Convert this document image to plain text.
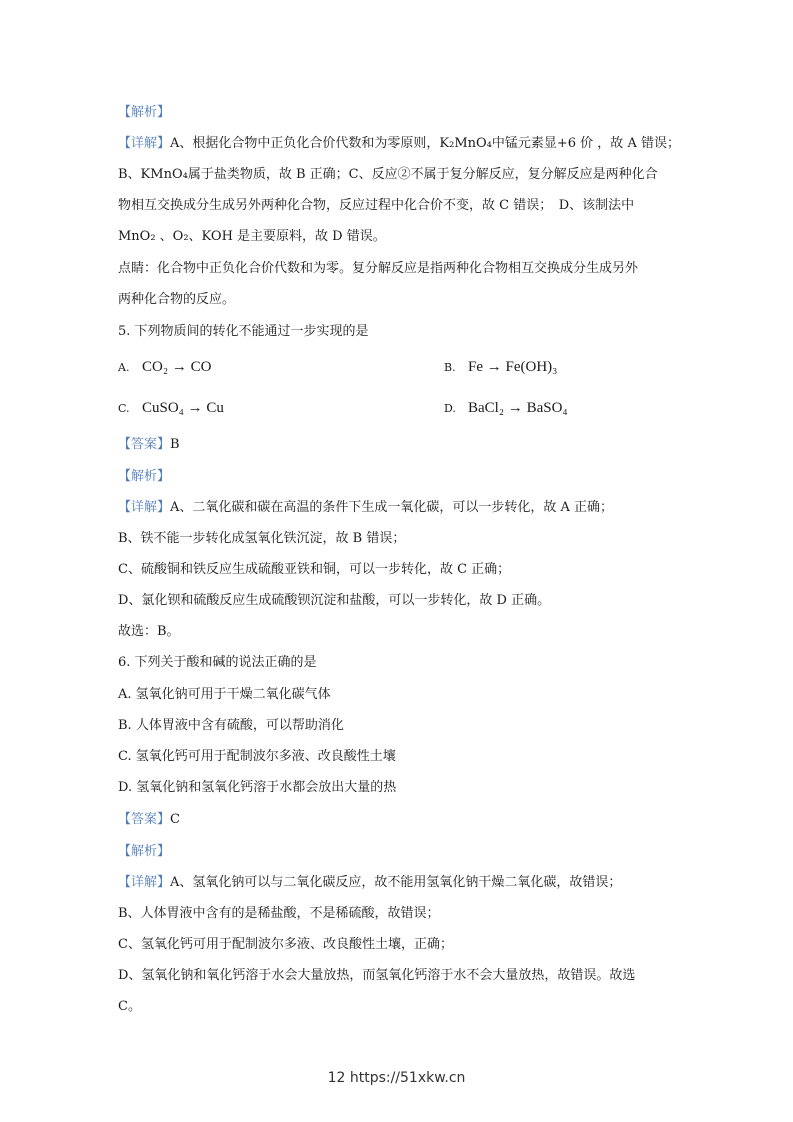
【解析】
【详解】A、根据化合物中正负化合价代数和为零原则，K₂MnO₄中锰元素显+6 价 ，故 A 错误；
B、KMnO₄属于盐类物质，故 B 正确；C、反应②不属于复分解反应，复分解反应是两种化合
物相互交换成分生成另外两种化合物，反应过程中化合价不变，故 C 错误；　D、该制法中
MnO₂ 、O₂、KOH 是主要原料，故 D 错误。
点睛：化合物中正负化合价代数和为零。复分解反应是指两种化合物相互交换成分生成另外
两种化合物的反应。
5. 下列物质间的转化不能通过一步实现的是
A. CO₂ → CO	B. Fe → Fe(OH)₃
C. CuSO₄ → Cu	D. BaCl₂ → BaSO₄
【答案】B
【解析】
【详解】A、二氧化碳和碳在高温的条件下生成一氧化碳，可以一步转化，故 A 正确；
B、铁不能一步转化成氢氧化铁沉淀，故 B 错误；
C、硫酸铜和铁反应生成硫酸亚铁和铜，可以一步转化，故 C 正确；
D、氯化钡和硫酸反应生成硫酸钡沉淀和盐酸，可以一步转化，故 D 正确。
故选：B。
6. 下列关于酸和碱的说法正确的是
A. 氢氧化钠可用于干燥二氧化碳气体
B. 人体胃液中含有硫酸，可以帮助消化
C. 氢氧化钙可用于配制波尔多液、改良酸性土壤
D. 氢氧化钠和氢氧化钙溶于水都会放出大量的热
【答案】C
【解析】
【详解】A、氢氧化钠可以与二氧化碳反应，故不能用氢氧化钠干燥二氧化碳，故错误；
B、人体胃液中含有的是稀盐酸，不是稀硫酸，故错误；
C、氢氧化钙可用于配制波尔多液、改良酸性土壤，正确；
D、氢氧化钠和氧化钙溶于水会大量放热，而氢氧化钙溶于水不会大量放热，故错误。故选
C。
12 https://51xkw.cn
